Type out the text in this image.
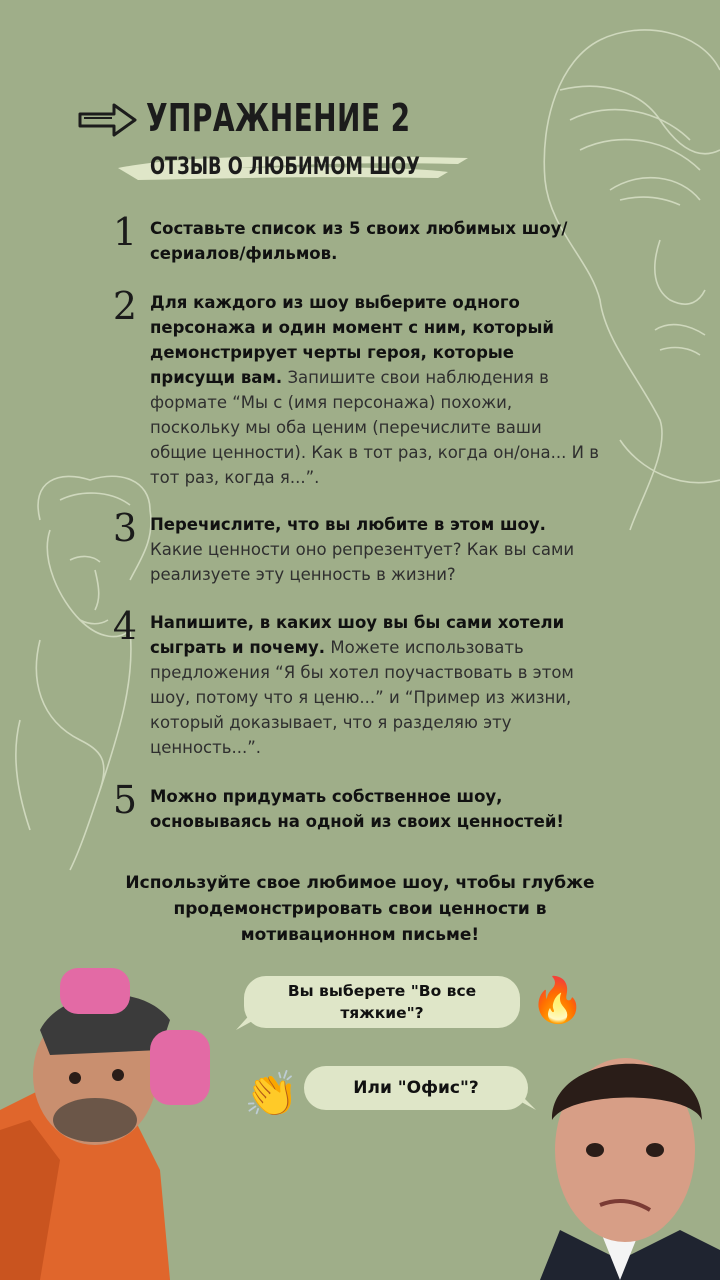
УПРАЖНЕНИЕ 2
ОТЗЫВ О ЛЮБИМОМ ШОУ
1 Составьте список из 5 своих любимых шоу/ сериалов/фильмов.
2 Для каждого из шоу выберите одного персонажа и один момент с ним, который демонстрирует черты героя, которые присущи вам. Запишите свои наблюдения в формате “Мы с (имя персонажа) похожи, поскольку мы оба ценим (перечислите ваши общие ценности). Как в тот раз, когда он/она... И в тот раз, когда я...”.
3 Перечислите, что вы любите в этом шоу. Какие ценности оно репрезентует? Как вы сами реализуете эту ценность в жизни?
4 Напишите, в каких шоу вы бы сами хотели сыграть и почему. Можете использовать предложения “Я бы хотел поучаствовать в этом шоу, потому что я ценю...” и “Пример из жизни, который доказывает, что я разделяю эту ценность...”.
5 Можно придумать собственное шоу, основываясь на одной из своих ценностей!
Используйте свое любимое шоу, чтобы глубже продемонстрировать свои ценности в мотивационном письме!
Вы выберете "Во все тяжкие"?
Или "Офис"?
🔥
👏
